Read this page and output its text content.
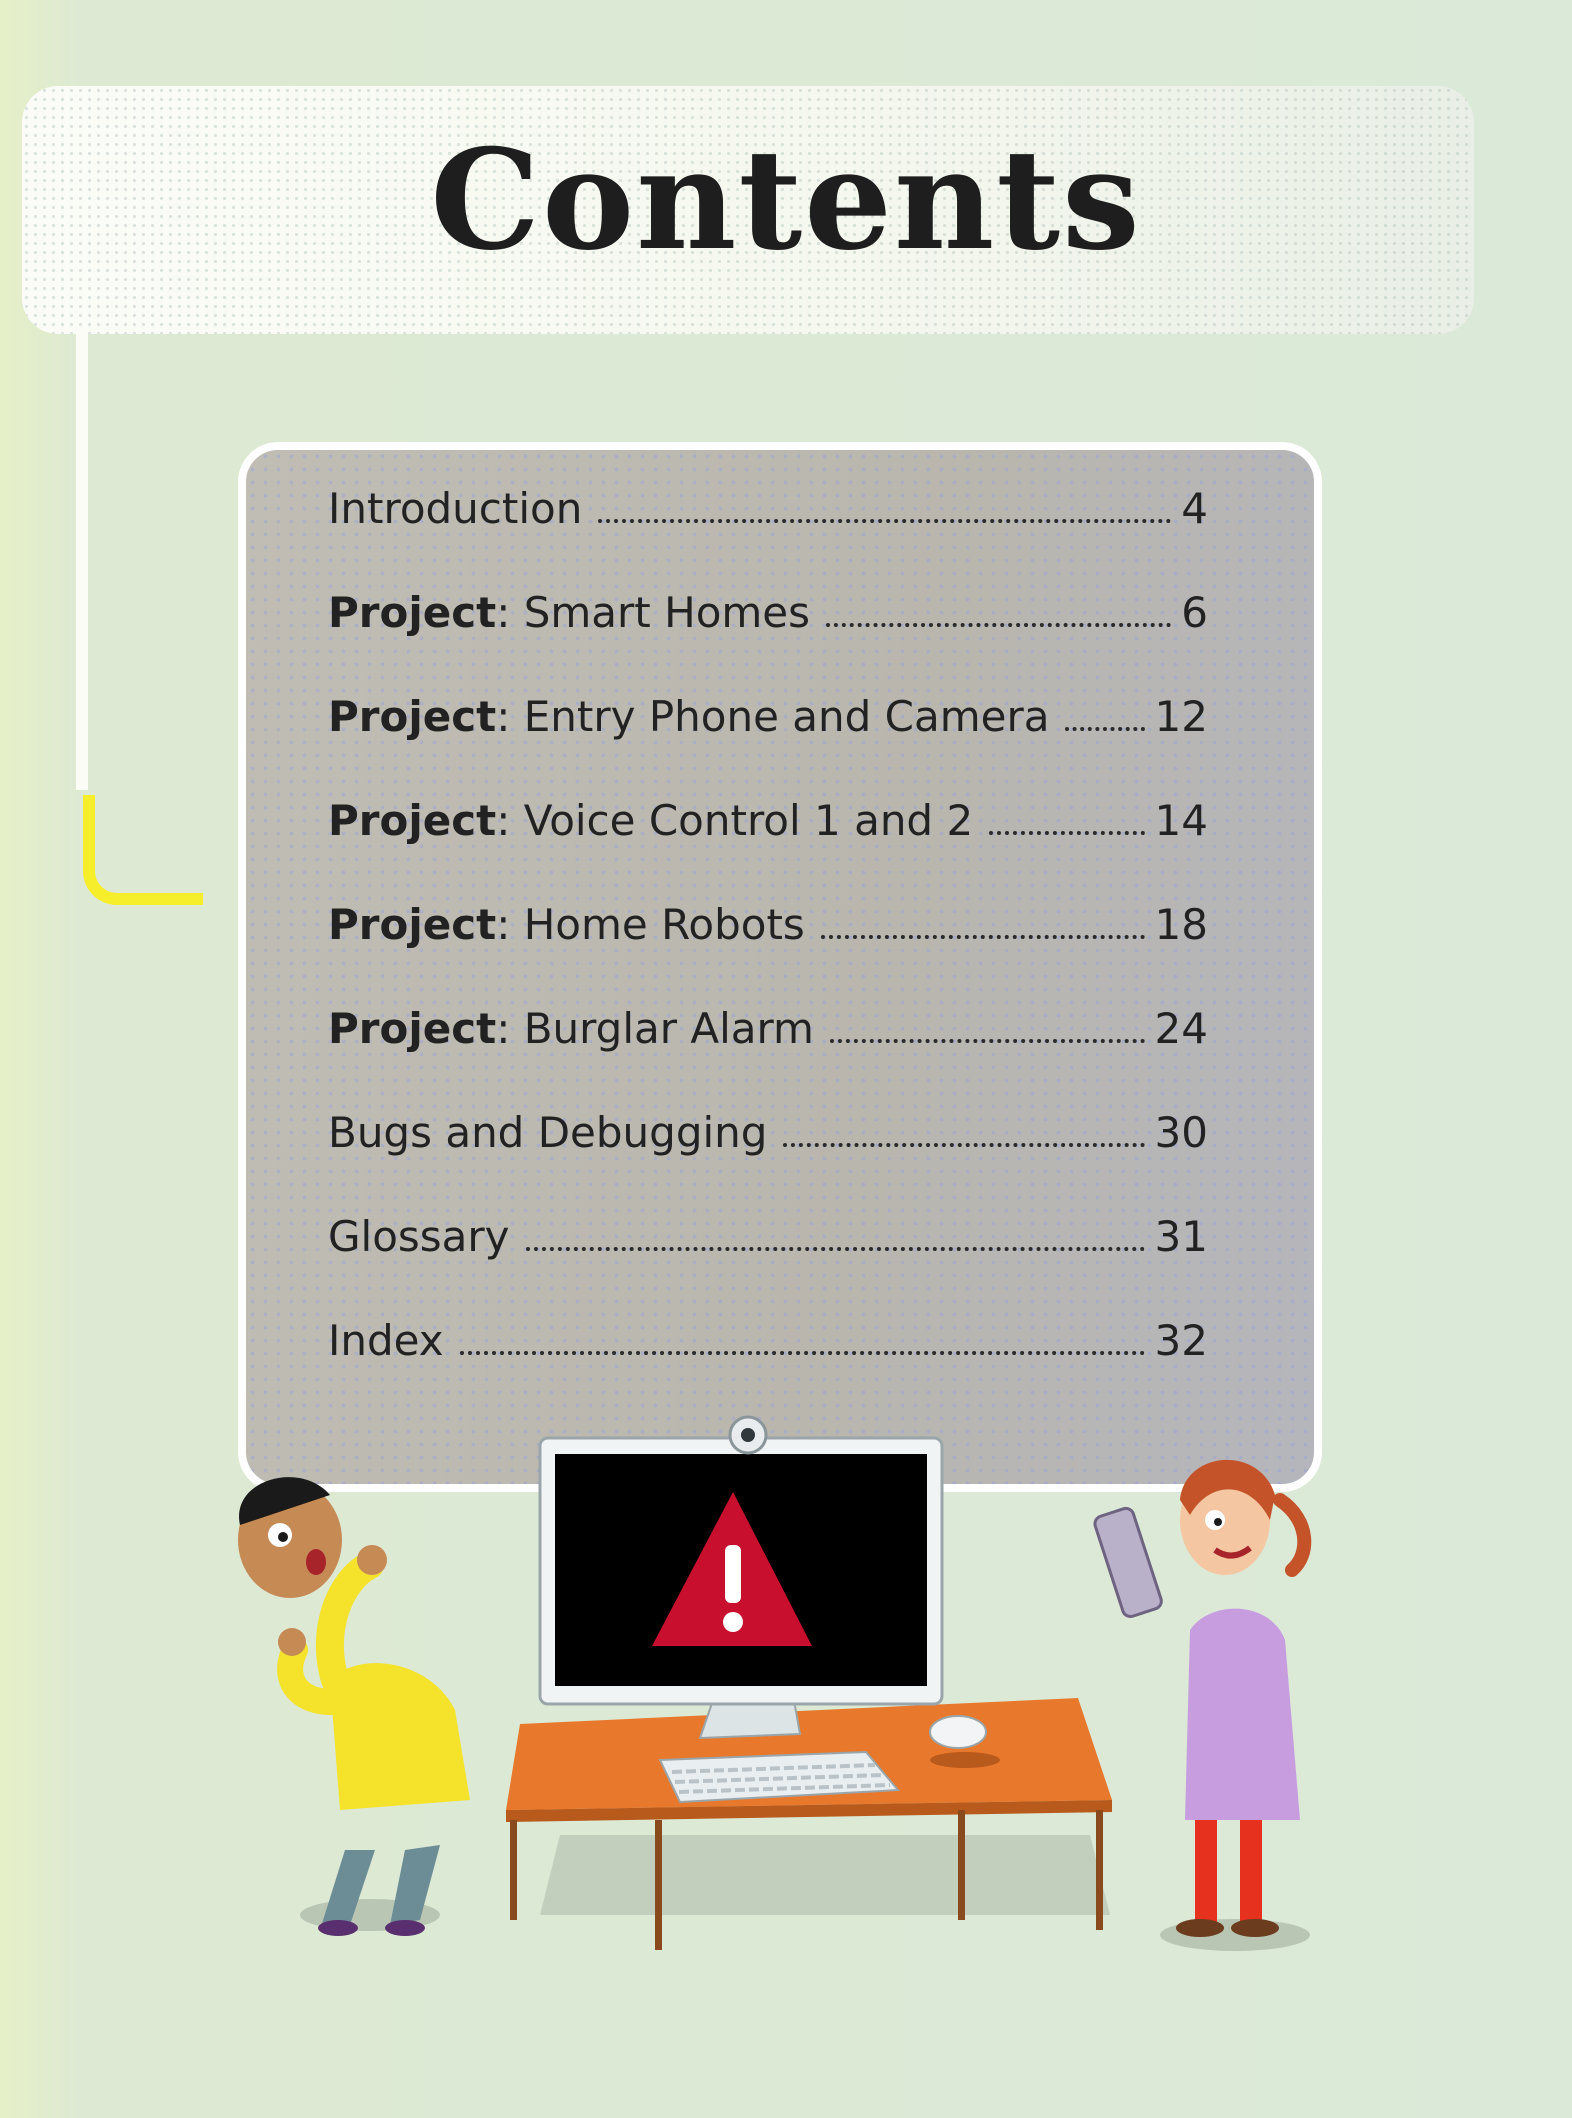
Contents
Introduction	4
Project : Smart Homes	6
Project : Entry Phone and Camera	12
Project : Voice Control 1 and 2	14
Project : Home Robots	18
Project : Burglar Alarm	24
Bugs and Debugging	30
Glossary	31
Index	32
